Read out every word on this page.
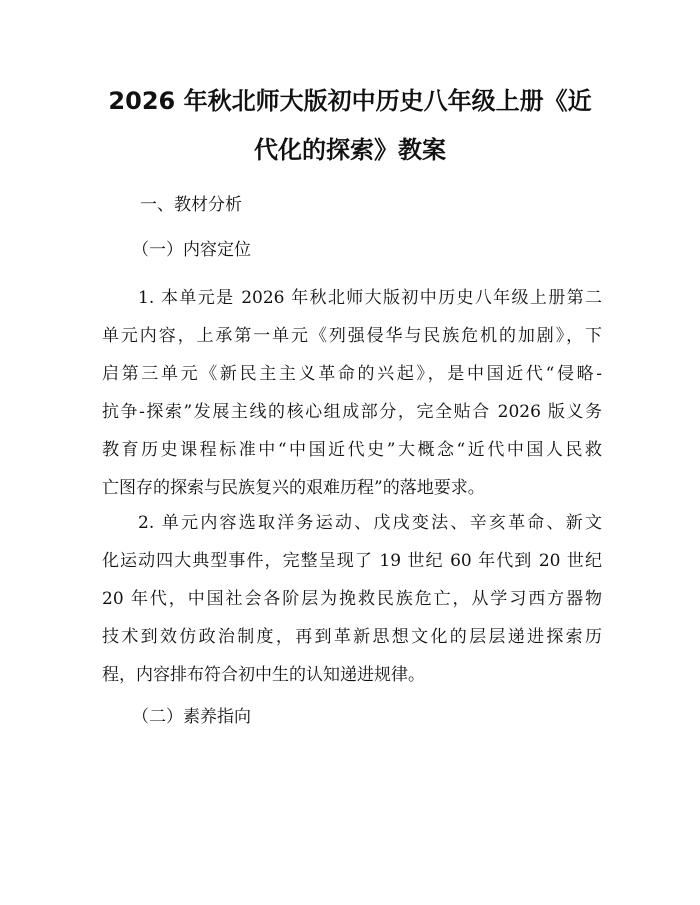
2026 年秋北师大版初中历史八年级上册《近
代化的探索》教案
一、教材分析
（一）内容定位
1. 本单元是 2026 年秋北师大版初中历史八年级上册第二
单元内容，上承第一单元《列强侵华与民族危机的加剧》，下
启第三单元《新民主主义革命的兴起》，是中国近代“侵略-
抗争-探索”发展主线的核心组成部分，完全贴合 2026 版义务
教育历史课程标准中“中国近代史”大概念“近代中国人民救
亡图存的探索与民族复兴的艰难历程”的落地要求。
2. 单元内容选取洋务运动、戊戌变法、辛亥革命、新文
化运动四大典型事件，完整呈现了 19 世纪 60 年代到 20 世纪
20 年代，中国社会各阶层为挽救民族危亡，从学习西方器物
技术到效仿政治制度，再到革新思想文化的层层递进探索历
程，内容排布符合初中生的认知递进规律。
（二）素养指向
